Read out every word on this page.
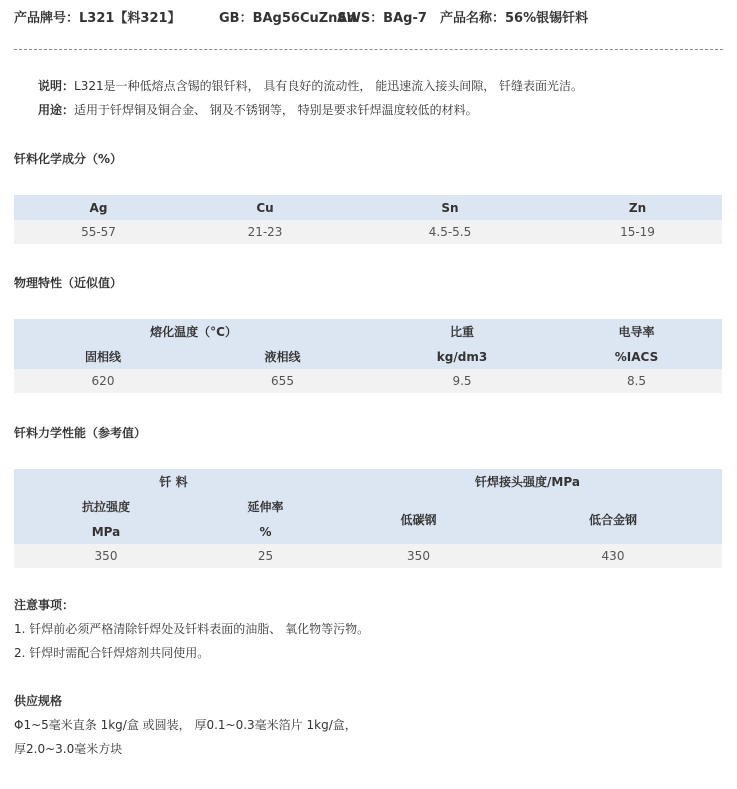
产品牌号：L321【料321】	GB：BAg56CuZnSn
AWS：BAg-7 产品名称：56%银锡钎料
说明：L321是一种低熔点含锡的银钎料， 具有良好的流动性， 能迅速流入接头间隙， 钎缝表面光洁。
用途：适用于钎焊铜及铜合金、 钢及不锈钢等， 特别是要求钎焊温度较低的材料。
钎料化学成分（%）
Ag	Cu	Sn	Zn
55-57	21-23	4.5-5.5	15-19
物理特性（近似值）
熔化温度（°C）		比重	电导率
固相线	液相线	kg/dm3	%IACS
620	655	9.5	8.5
钎料力学性能（参考值）
钎 料		钎焊接头强度/MPa	
抗拉强度	延伸率	低碳钢	低合金钢
MPa	%		
350	25	350	430
注意事项：
1. 钎焊前必须严格清除钎焊处及钎料表面的油脂、 氧化物等污物。
2. 钎焊时需配合钎焊熔剂共同使用。
供应规格
Φ1~5毫米直条 1kg/盒 或圆装， 厚0.1~0.3毫米箔片 1kg/盒，
厚2.0~3.0毫米方块
